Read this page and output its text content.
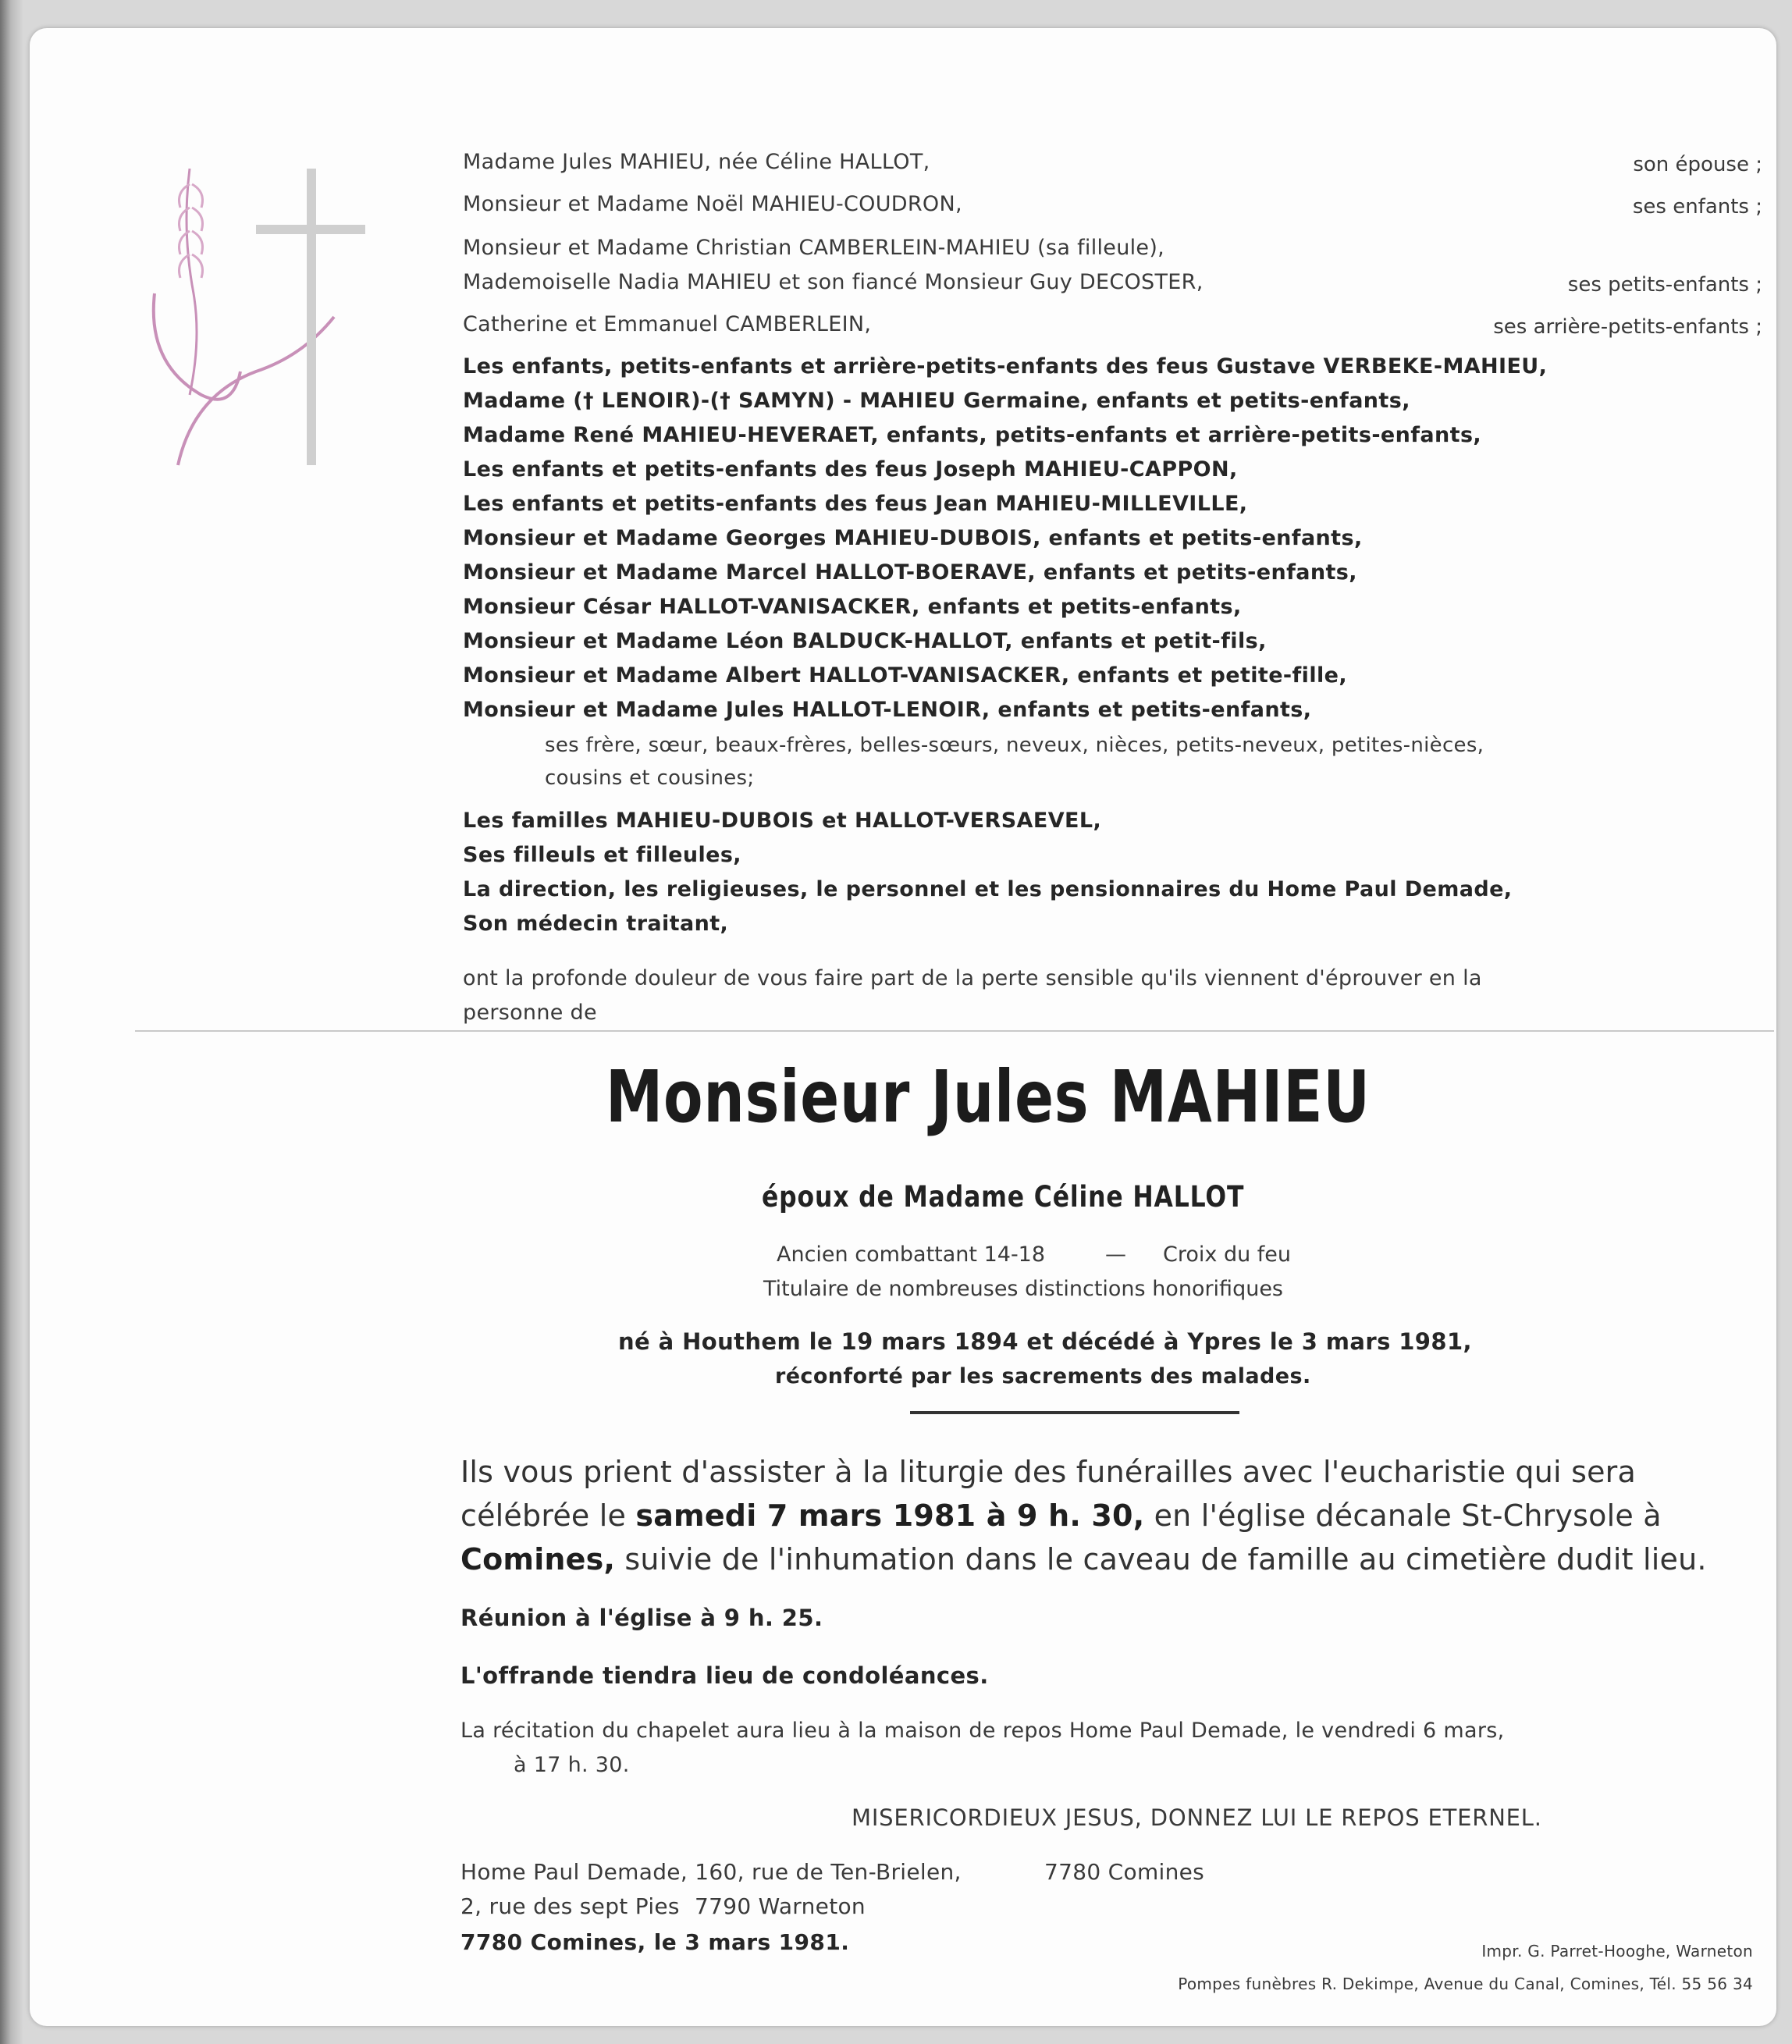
Madame Jules MAHIEU, née Céline HALLOT,	son épouse ;
Monsieur et Madame Noël MAHIEU-COUDRON,	ses enfants ;
Monsieur et Madame Christian CAMBERLEIN-MAHIEU (sa filleule),
Mademoiselle Nadia MAHIEU et son fiancé Monsieur Guy DECOSTER,	ses petits-enfants ;
Catherine et Emmanuel CAMBERLEIN,	ses arrière-petits-enfants ;
Les enfants, petits-enfants et arrière-petits-enfants des feus Gustave VERBEKE-MAHIEU,
Madame († LENOIR)-(† SAMYN) - MAHIEU Germaine, enfants et petits-enfants,
Madame René MAHIEU-HEVERAET, enfants, petits-enfants et arrière-petits-enfants,
Les enfants et petits-enfants des feus Joseph MAHIEU-CAPPON,
Les enfants et petits-enfants des feus Jean MAHIEU-MILLEVILLE,
Monsieur et Madame Georges MAHIEU-DUBOIS, enfants et petits-enfants,
Monsieur et Madame Marcel HALLOT-BOERAVE, enfants et petits-enfants,
Monsieur César HALLOT-VANISACKER, enfants et petits-enfants,
Monsieur et Madame Léon BALDUCK-HALLOT, enfants et petit-fils,
Monsieur et Madame Albert HALLOT-VANISACKER, enfants et petite-fille,
Monsieur et Madame Jules HALLOT-LENOIR, enfants et petits-enfants,
ses frère, sœur, beaux-frères, belles-sœurs, neveux, nièces, petits-neveux, petites-nièces,
cousins et cousines;
Les familles MAHIEU-DUBOIS et HALLOT-VERSAEVEL,
Ses filleuls et filleules,
La direction, les religieuses, le personnel et les pensionnaires du Home Paul Demade,
Son médecin traitant,
ont la profonde douleur de vous faire part de la perte sensible qu'ils viennent d'éprouver en la
personne de
Monsieur Jules MAHIEU
époux de Madame Céline HALLOT
Ancien combattant 14-18	— Croix du feu
Titulaire de nombreuses distinctions honorifiques
né à Houthem le 19 mars 1894 et décédé à Ypres le 3 mars 1981,
réconforté par les sacrements des malades.
Ils vous prient d'assister à la liturgie des funérailles avec l'eucharistie qui sera
célébrée le samedi 7 mars 1981 à 9 h. 30, en l'église décanale St-Chrysole à
Comines, suivie de l'inhumation dans le caveau de famille au cimetière dudit lieu.
Réunion à l'église à 9 h. 25.
L'offrande tiendra lieu de condoléances.
La récitation du chapelet aura lieu à la maison de repos Home Paul Demade, le vendredi 6 mars,
à 17 h. 30.
MISERICORDIEUX JESUS, DONNEZ LUI LE REPOS ETERNEL.
Home Paul Demade, 160, rue de Ten-Brielen,	7780 Comines
2, rue des sept Pies 7790 Warneton
7780 Comines, le 3 mars 1981.	Impr. G. Parret-Hooghe, Warneton
Pompes funèbres R. Dekimpe, Avenue du Canal, Comines, Tél. 55 56 34
